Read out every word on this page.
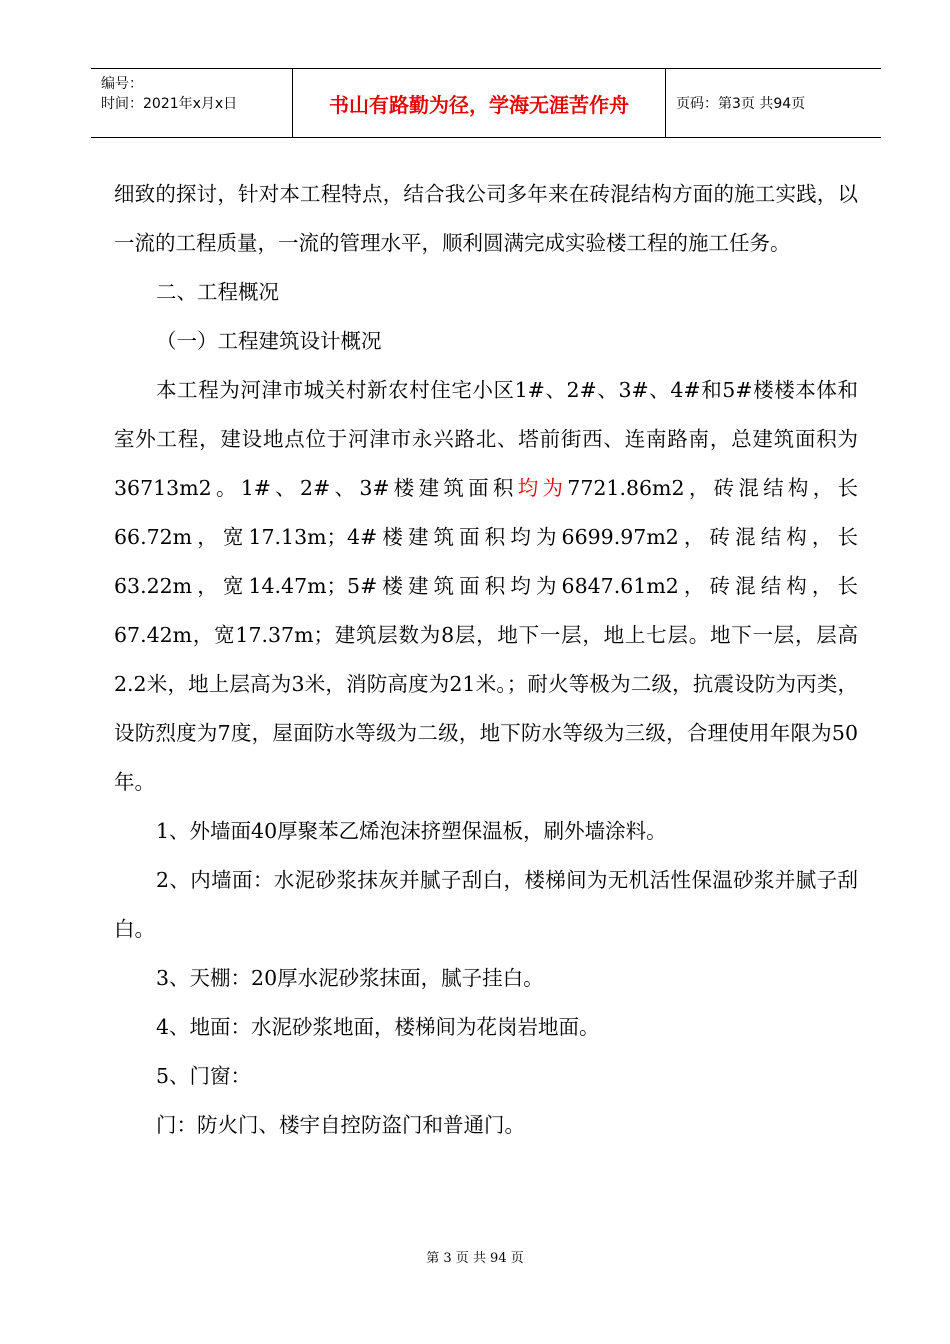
编号：
时间：2021年x月x日	书山有路勤为径，学海无涯苦作舟	页码：第3页 共94页

细致的探讨，针对本工程特点，结合我公司多年来在砖混结构方面的施工实践，以一流的工程质量，一流的管理水平，顺利圆满完成实验楼工程的施工任务。

二、工程概况

（一）工程建筑设计概况

本工程为河津市城关村新农村住宅小区1#、2#、3#、4#和5#楼楼本体和室外工程，建设地点位于河津市永兴路北、塔前街西、连南路南，总建筑面积为36713m2。1#、2#、3#楼建筑面积均为7721.86m2，砖混结构，长66.72m，宽17.13m；4#楼建筑面积均为6699.97m2，砖混结构，长63.22m，宽14.47m；5#楼建筑面积均为6847.61m2，砖混结构，长67.42m，宽17.37m；建筑层数为8层，地下一层，地上七层。地下一层，层高2.2米，地上层高为3米，消防高度为21米。；耐火等极为二级，抗震设防为丙类，设防烈度为7度，屋面防水等级为二级，地下防水等级为三级，合理使用年限为50年。

1、外墙面40厚聚苯乙烯泡沫挤塑保温板，刷外墙涂料。

2、内墙面：水泥砂浆抹灰并腻子刮白，楼梯间为无机活性保温砂浆并腻子刮白。

3、天棚：20厚水泥砂浆抹面，腻子挂白。

4、地面：水泥砂浆地面，楼梯间为花岗岩地面。

5、门窗：

门：防火门、楼宇自控防盗门和普通门。

第 3 页 共 94 页
